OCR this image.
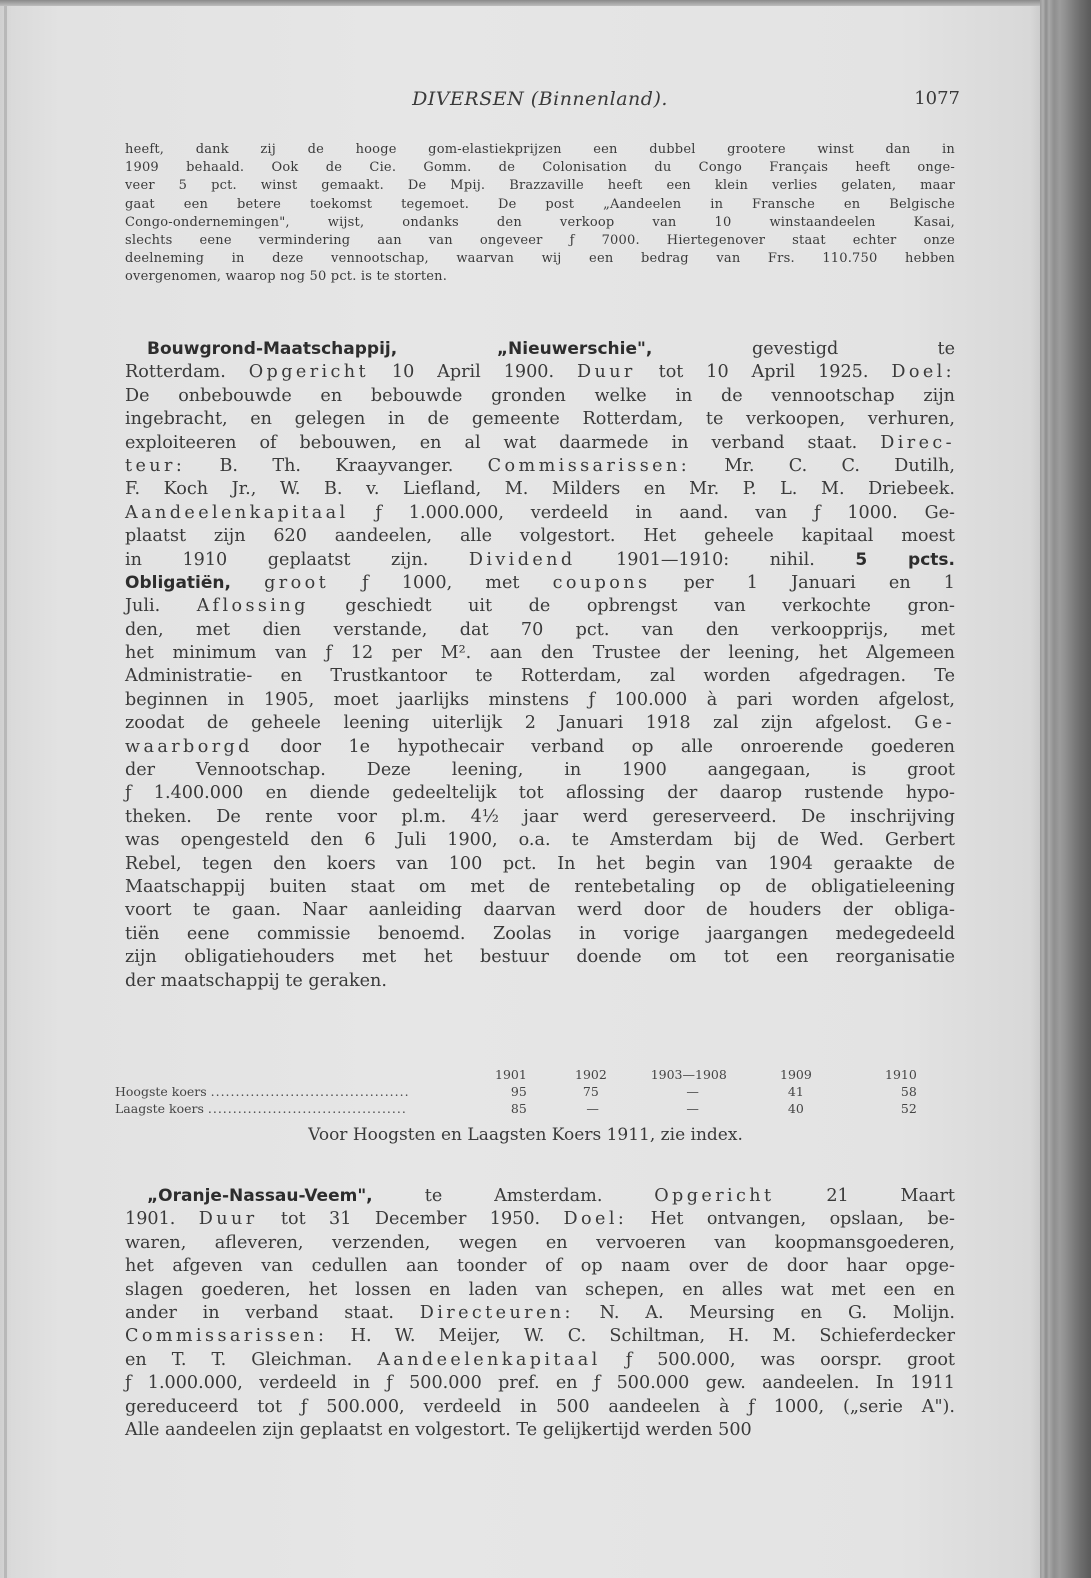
DIVERSEN (Binnenland).	1077
heeft, dank zij de hooge gom-elastiekprijzen een dubbel grootere winst dan in
1909 behaald. Ook de Cie. Gomm. de Colonisation du Congo Français heeft onge-
veer 5 pct. winst gemaakt. De Mpij. Brazzaville heeft een klein verlies gelaten, maar
gaat een betere toekomst tegemoet. De post „Aandeelen in Fransche en Belgische
Congo-ondernemingen", wijst, ondanks den verkoop van 10 winstaandeelen Kasai,
slechts eene vermindering aan van ongeveer ƒ 7000. Hiertegenover staat echter onze
deelneming in deze vennootschap, waarvan wij een bedrag van Frs. 110.750 hebben
overgenomen, waarop nog 50 pct. is te storten.
Bouwgrond-Maatschappij, „Nieuwerschie", gevestigd te
Rotterdam. Opgericht 10 April 1900. Duur tot 10 April 1925. Doel:
De onbebouwde en bebouwde gronden welke in de vennootschap zijn
ingebracht, en gelegen in de gemeente Rotterdam, te verkoopen, verhuren,
exploiteeren of bebouwen, en al wat daarmede in verband staat. Direc-
teur: B. Th. Kraayvanger. Commissarissen: Mr. C. C. Dutilh,
F. Koch Jr., W. B. v. Liefland, M. Milders en Mr. P. L. M. Driebeek.
Aandeelenkapitaal ƒ 1.000.000, verdeeld in aand. van ƒ 1000. Ge-
plaatst zijn 620 aandeelen, alle volgestort. Het geheele kapitaal moest
in 1910 geplaatst zijn. Dividend 1901—1910: nihil. 5 pcts.
Obligatiën, groot ƒ 1000, met coupons per 1 Januari en 1
Juli. Aflossing geschiedt uit de opbrengst van verkochte gron-
den, met dien verstande, dat 70 pct. van den verkoopprijs, met
het minimum van ƒ 12 per M². aan den Trustee der leening, het Algemeen
Administratie- en Trustkantoor te Rotterdam, zal worden afgedragen. Te
beginnen in 1905, moet jaarlijks minstens ƒ 100.000 à pari worden afgelost,
zoodat de geheele leening uiterlijk 2 Januari 1918 zal zijn afgelost. Ge-
waarborgd door 1e hypothecair verband op alle onroerende goederen
der Vennootschap. Deze leening, in 1900 aangegaan, is groot
ƒ 1.400.000 en diende gedeeltelijk tot aflossing der daarop rustende hypo-
theken. De rente voor pl.m. 4½ jaar werd gereserveerd. De inschrijving
was opengesteld den 6 Juli 1900, o.a. te Amsterdam bij de Wed. Gerbert
Rebel, tegen den koers van 100 pct. In het begin van 1904 geraakte de
Maatschappij buiten staat om met de rentebetaling op de obligatieleening
voort te gaan. Naar aanleiding daarvan werd door de houders der obliga-
tiën eene commissie benoemd. Zoolas in vorige jaargangen medegedeeld
zijn obligatiehouders met het bestuur doende om tot een reorganisatie
der maatschappij te geraken.
	1901	1902	1903—1908	1909	1910
Hoogste koers ........................................	95	75	—	41	58
Laagste koers ........................................	85	—	—	40	52
Voor Hoogsten en Laagsten Koers 1911, zie index.
„Oranje-Nassau-Veem", te Amsterdam. Opgericht 21 Maart
1901. Duur tot 31 December 1950. Doel: Het ontvangen, opslaan, be-
waren, afleveren, verzenden, wegen en vervoeren van koopmansgoederen,
het afgeven van cedullen aan toonder of op naam over de door haar opge-
slagen goederen, het lossen en laden van schepen, en alles wat met een en
ander in verband staat. Directeuren: N. A. Meursing en G. Molijn.
Commissarissen: H. W. Meijer, W. C. Schiltman, H. M. Schieferdecker
en T. T. Gleichman. Aandeelenkapitaal ƒ 500.000, was oorspr. groot
ƒ 1.000.000, verdeeld in ƒ 500.000 pref. en ƒ 500.000 gew. aandeelen. In 1911
gereduceerd tot ƒ 500.000, verdeeld in 500 aandeelen à ƒ 1000, („serie A").
Alle aandeelen zijn geplaatst en volgestort. Te gelijkertijd werden 500
